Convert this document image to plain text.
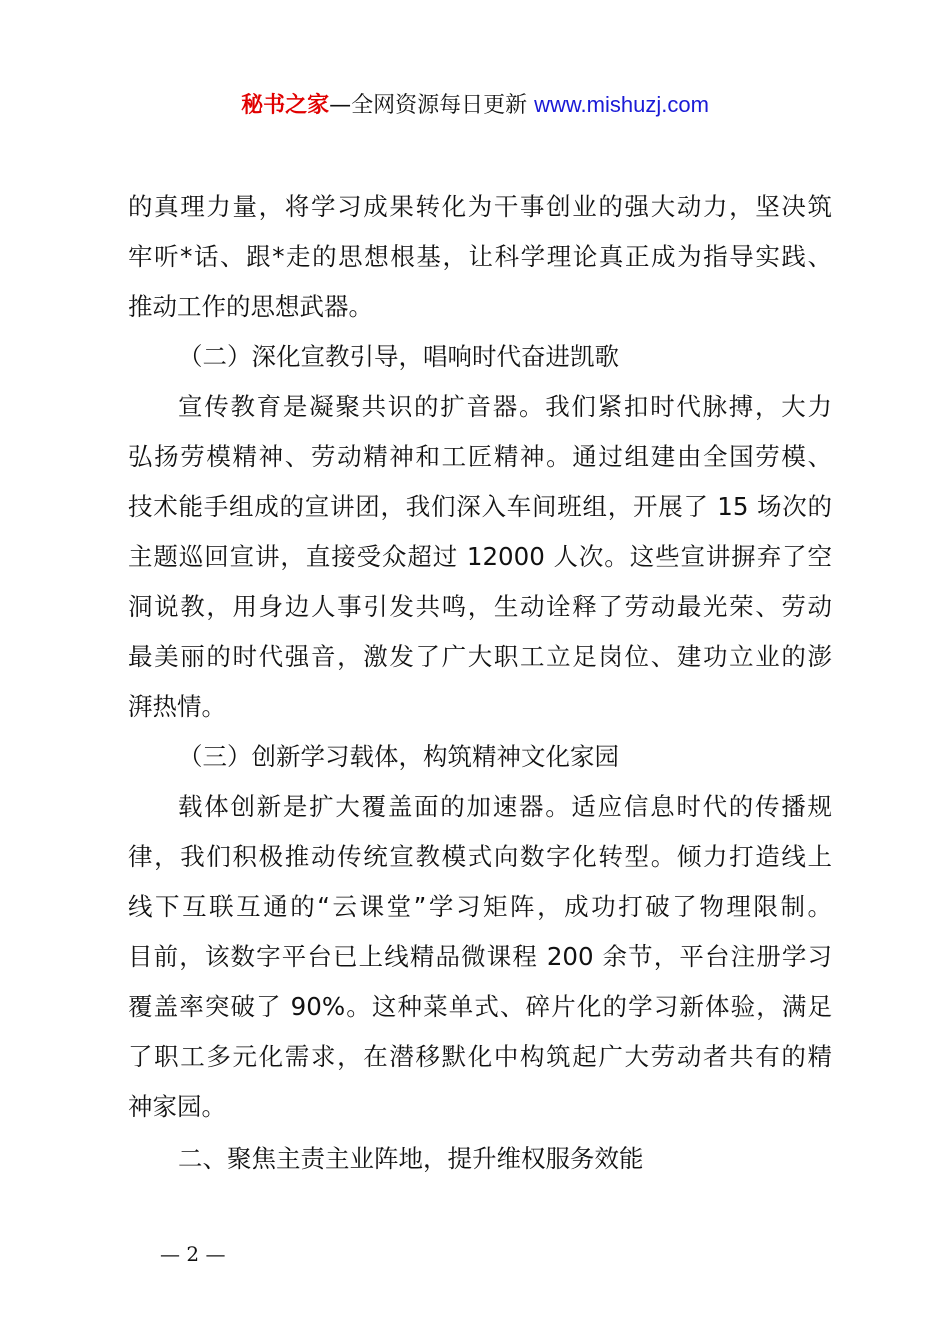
秘书之家—全网资源每日更新 www.mishuzj.com
的真理力量，将学习成果转化为干事创业的强大动力，坚决筑
牢听*话、跟*走的思想根基，让科学理论真正成为指导实践、
推动工作的思想武器。
（二）深化宣教引导，唱响时代奋进凯歌
宣传教育是凝聚共识的扩音器。我们紧扣时代脉搏，大力
弘扬劳模精神、劳动精神和工匠精神。通过组建由全国劳模、
技术能手组成的宣讲团，我们深入车间班组，开展了 15 场次的
主题巡回宣讲，直接受众超过 12000 人次。这些宣讲摒弃了空
洞说教，用身边人事引发共鸣，生动诠释了劳动最光荣、劳动
最美丽的时代强音，激发了广大职工立足岗位、建功立业的澎
湃热情。
（三）创新学习载体，构筑精神文化家园
载体创新是扩大覆盖面的加速器。适应信息时代的传播规
律，我们积极推动传统宣教模式向数字化转型。倾力打造线上
线下互联互通的“云课堂”学习矩阵，成功打破了物理限制。
目前，该数字平台已上线精品微课程 200 余节，平台注册学习
覆盖率突破了 90%。这种菜单式、碎片化的学习新体验，满足
了职工多元化需求，在潜移默化中构筑起广大劳动者共有的精
神家园。
二、聚焦主责主业阵地，提升维权服务效能
— 2 —
